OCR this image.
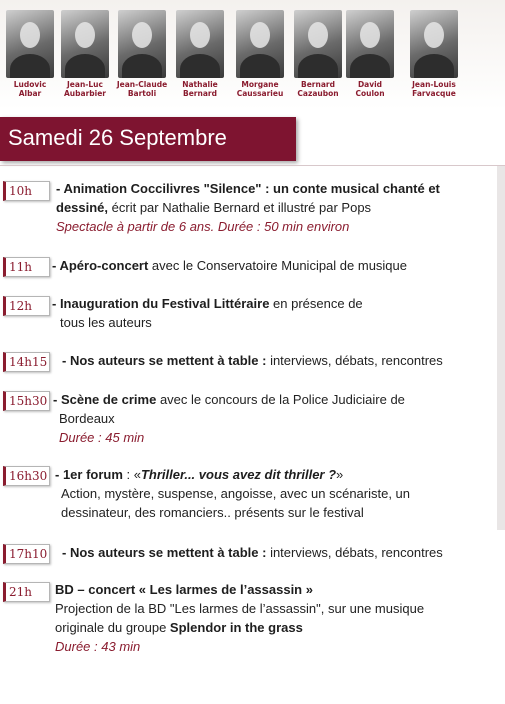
Ludovic
Albar
Jean-Luc
Aubarbier
Jean-Claude
Bartoli
Nathalie
Bernard
Morgane
Caussarieu
Bernard
Cazaubon
David
Coulon
Jean-Louis
Farvacque
Samedi 26 Septembre
10h	- Animation Coccilivres "Silence" : un conte musical chanté et
dessiné, écrit par Nathalie Bernard et illustré par Pops
Spectacle à partir de 6 ans. Durée : 50 min environ
11h	- Apéro-concert avec le Conservatoire Municipal de musique
12h	- Inauguration du Festival Littéraire en présence de
tous les auteurs
14h15 - Nos auteurs se mettent à table : interviews, débats, rencontres
15h30 - Scène de crime avec le concours de la Police Judiciaire de
Bordeaux
Durée : 45 min
16h30 - 1er forum : «Thriller... vous avez dit thriller ?»
Action, mystère, suspense, angoisse, avec un scénariste, un
dessinateur, des romanciers.. présents sur le festival
17h10 - Nos auteurs se mettent à table : interviews, débats, rencontres
21h	BD – concert « Les larmes de l’assassin »
Projection de la BD "Les larmes de l’assassin", sur une musique
originale du groupe Splendor in the grass
Durée : 43 min
